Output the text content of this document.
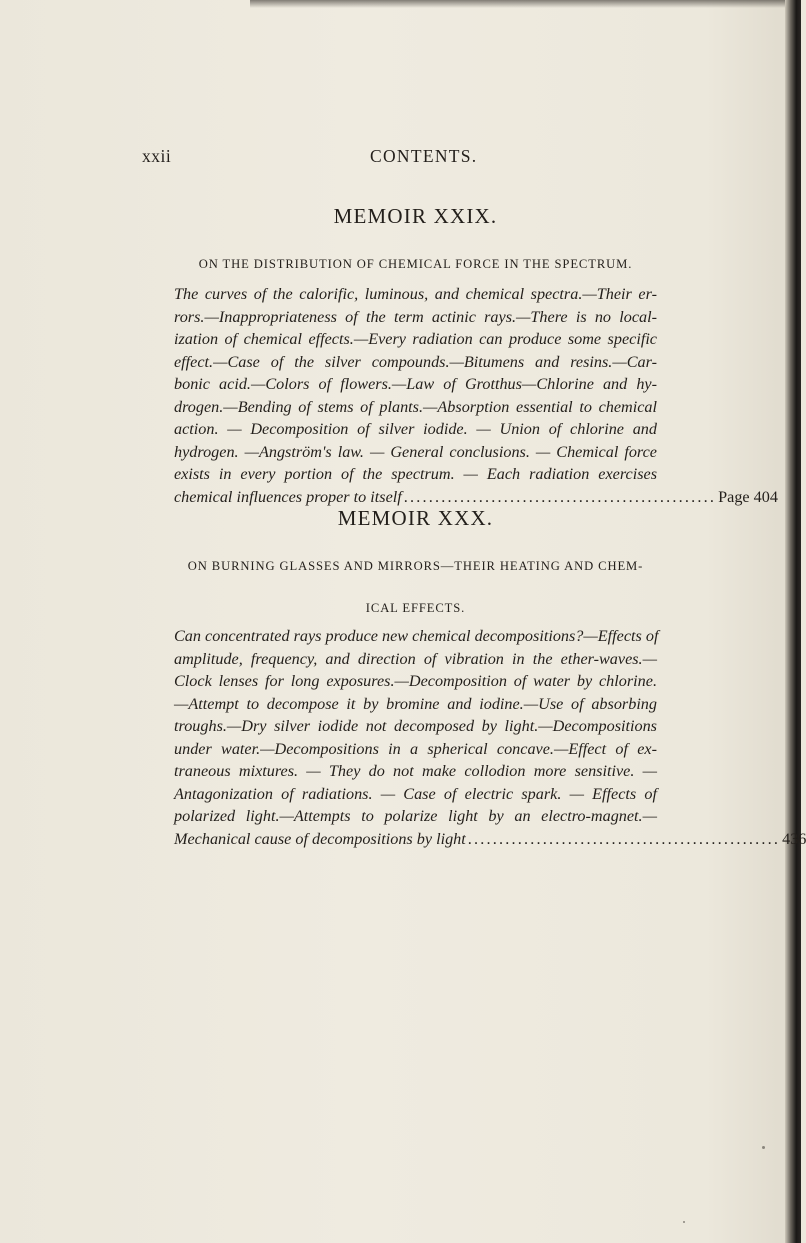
xxii	CONTENTS.
MEMOIR XXIX.

ON THE DISTRIBUTION OF CHEMICAL FORCE IN THE SPECTRUM.

The curves of the calorific, luminous, and chemical spectra.—Their er-
rors.—Inappropriateness of the term actinic rays.—There is no local-
ization of chemical effects.—Every radiation can produce some specific
effect.—Case of the silver compounds.—Bitumens and resins.—Car-
bonic acid.—Colors of flowers.—Law of Grotthus—Chlorine and hy-
drogen.—Bending of stems of plants.—Absorption essential to chemical
action. — Decomposition of silver iodide. — Union of chlorine and
hydrogen. —Angström's law. — General conclusions. — Chemical force
exists in every portion of the spectrum. — Each radiation exercises
chemical influences proper to itself .................................................. Page 404
MEMOIR XXX.

ON BURNING GLASSES AND MIRRORS—THEIR HEATING AND CHEM-

ICAL EFFECTS.

Can concentrated rays produce new chemical decompositions?—Effects of
amplitude, frequency, and direction of vibration in the ether-waves.—
Clock lenses for long exposures.—Decomposition of water by chlorine.
—Attempt to decompose it by bromine and iodine.—Use of absorbing
troughs.—Dry silver iodide not decomposed by light.—Decompositions
under water.—Decompositions in a spherical concave.—Effect of ex-
traneous mixtures. — They do not make collodion more sensitive. —
Antagonization of radiations. — Case of electric spark. — Effects of
polarized light.—Attempts to polarize light by an electro-magnet.—
Mechanical cause of decompositions by light .................................................. 436
